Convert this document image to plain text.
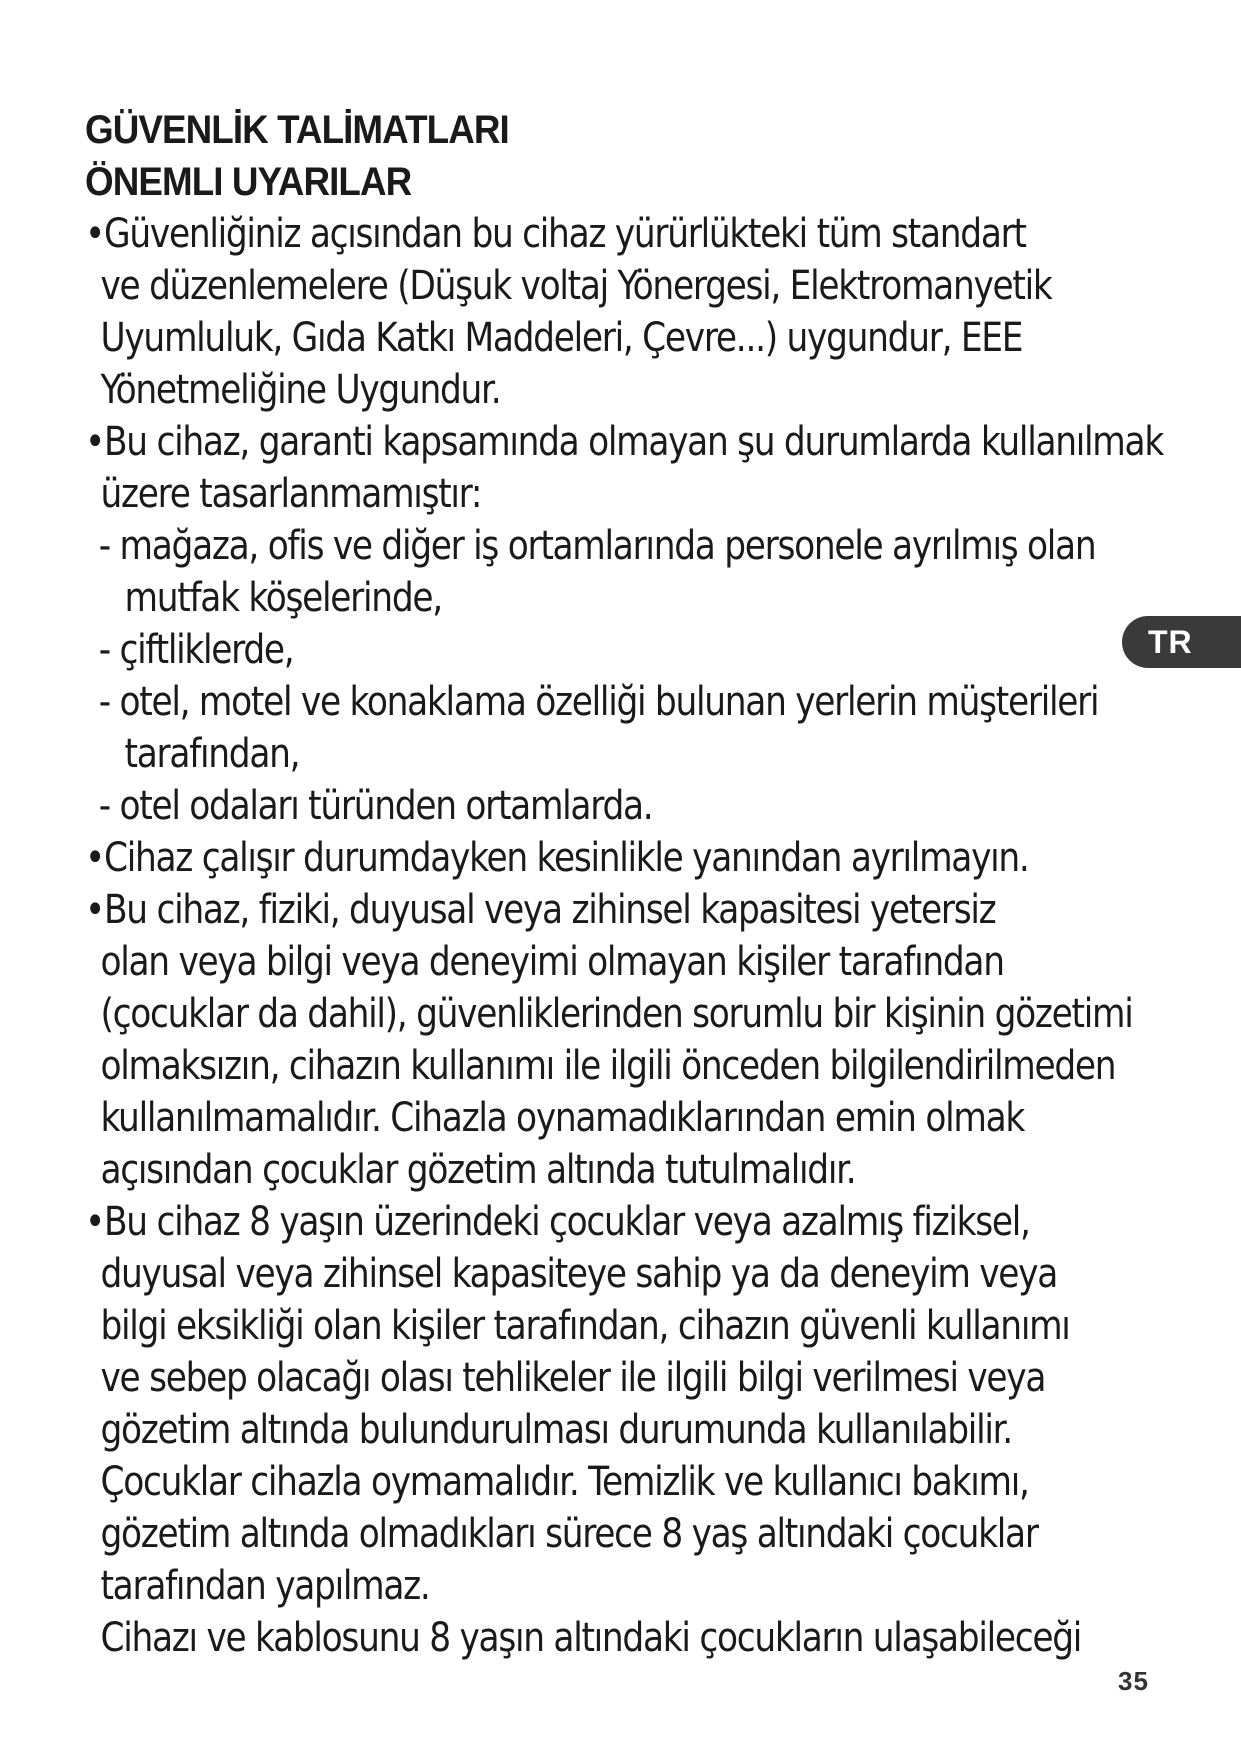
GÜVENLİK TALİMATLARI
ÖNEMLI UYARILAR
•Güvenliğiniz açısından bu cihaz yürürlükteki tüm standart
ve düzenlemelere (Düşuk voltaj Yönergesi, Elektromanyetik
Uyumluluk, Gıda Katkı Maddeleri, Çevre...) uygundur, EEE
Yönetmeliğine Uygundur.
•Bu cihaz, garanti kapsamında olmayan şu durumlarda kullanılmak
üzere tasarlanmamıştır:
- mağaza, ofis ve diğer iş ortamlarında personele ayrılmış olan
mutfak köşelerinde,
- çiftliklerde,
- otel, motel ve konaklama özelliği bulunan yerlerin müşterileri
tarafından,
- otel odaları türünden ortamlarda.
•Cihaz çalışır durumdayken kesinlikle yanından ayrılmayın.
•Bu cihaz, fiziki, duyusal veya zihinsel kapasitesi yetersiz
olan veya bilgi veya deneyimi olmayan kişiler tarafından
(çocuklar da dahil), güvenliklerinden sorumlu bir kişinin gözetimi
olmaksızın, cihazın kullanımı ile ilgili önceden bilgilendirilmeden
kullanılmamalıdır. Cihazla oynamadıklarından emin olmak
açısından çocuklar gözetim altında tutulmalıdır.
•Bu cihaz 8 yaşın üzerindeki çocuklar veya azalmış fiziksel,
duyusal veya zihinsel kapasiteye sahip ya da deneyim veya
bilgi eksikliği olan kişiler tarafından, cihazın güvenli kullanımı
ve sebep olacağı olası tehlikeler ile ilgili bilgi verilmesi veya
gözetim altında bulundurulması durumunda kullanılabilir.
Çocuklar cihazla oymamalıdır. Temizlik ve kullanıcı bakımı,
gözetim altında olmadıkları sürece 8 yaş altındaki çocuklar
tarafından yapılmaz.
Cihazı ve kablosunu 8 yaşın altındaki çocukların ulaşabileceği
TR
35
